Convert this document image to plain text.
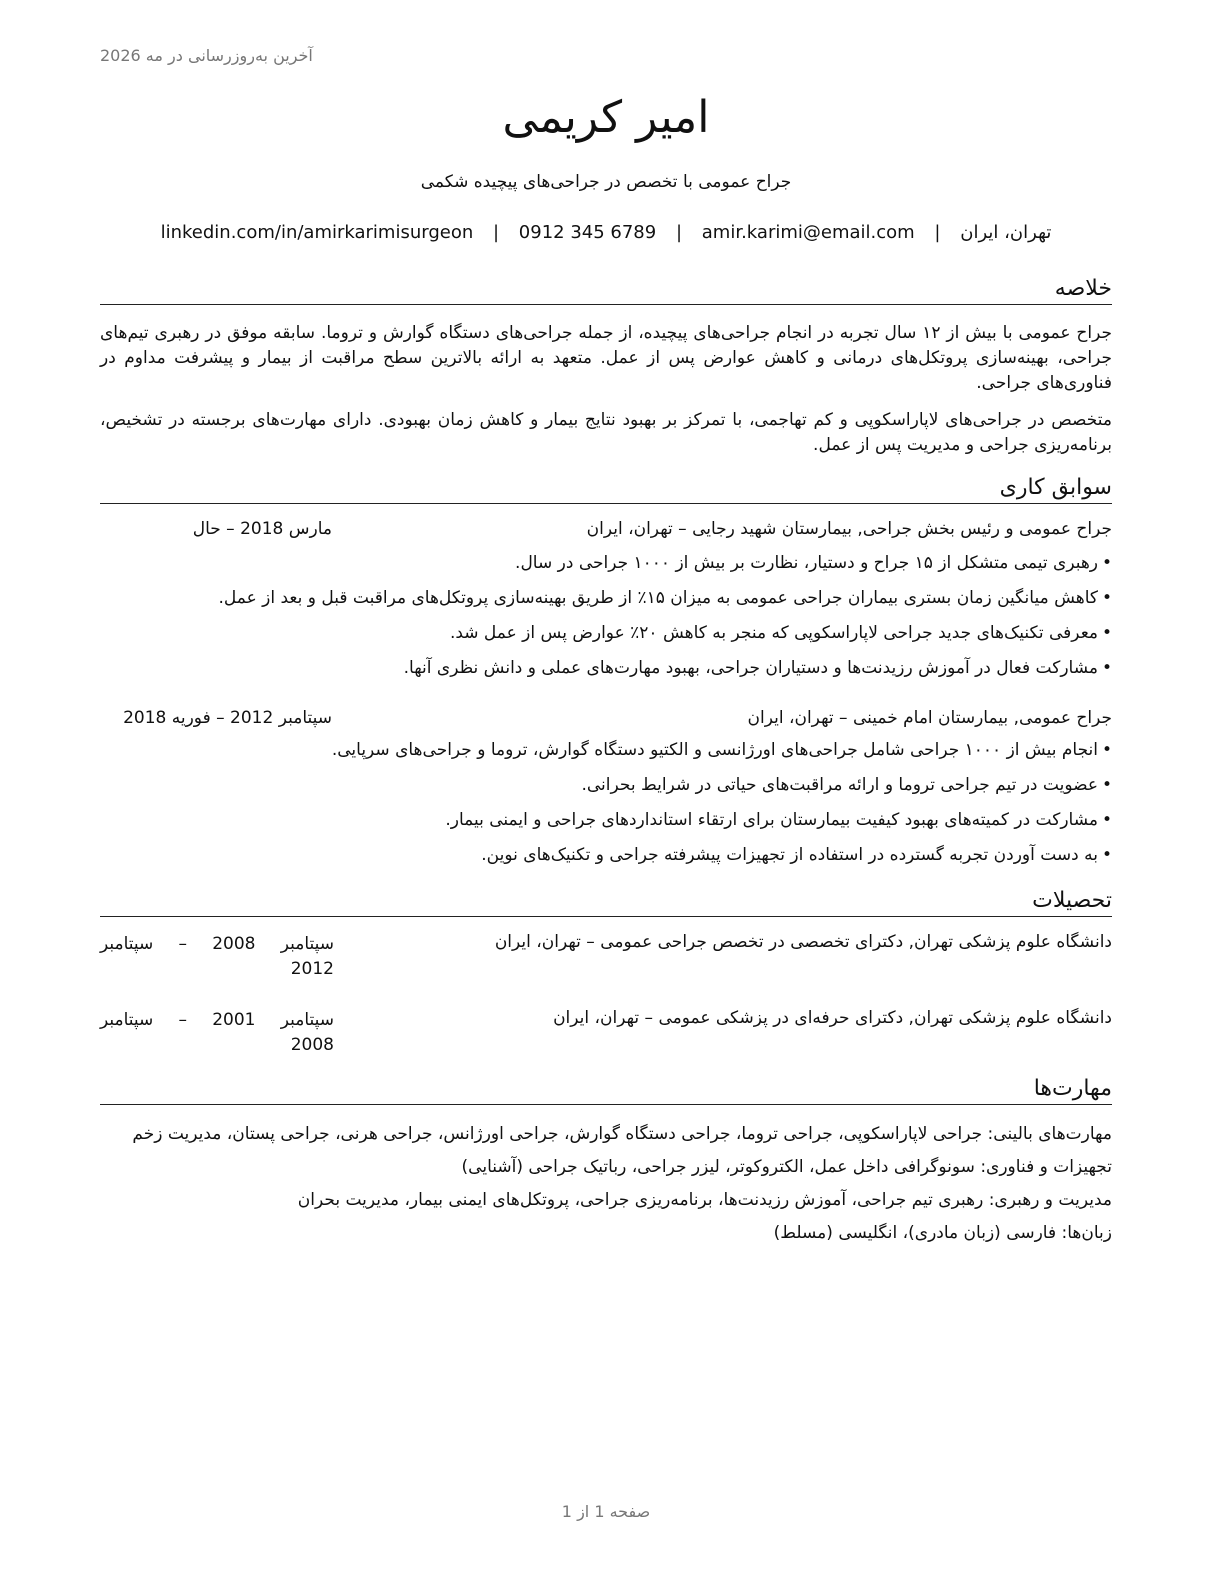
آخرین به‌روزرسانی در مه 2026
امیر کریمی
جراح عمومی با تخصص در جراحی‌های پیچیده شکمی
تهران، ایران | amir.karimi@email.com | 0912 345 6789 | linkedin.com/in/amirkarimisurgeon
خلاصه
جراح عمومی با بیش از ۱۲ سال تجربه در انجام جراحی‌های پیچیده، از جمله جراحی‌های دستگاه گوارش و تروما. سابقه موفق در رهبری تیم‌های جراحی، بهینه‌سازی پروتکل‌های درمانی و کاهش عوارض پس از عمل. متعهد به ارائه بالاترین سطح مراقبت از بیمار و پیشرفت مداوم در فناوری‌های جراحی.
متخصص در جراحی‌های لاپاراسکوپی و کم تهاجمی، با تمرکز بر بهبود نتایج بیمار و کاهش زمان بهبودی. دارای مهارت‌های برجسته در تشخیص، برنامه‌ریزی جراحی و مدیریت پس از عمل.
سوابق کاری
جراح عمومی و رئیس بخش جراحی, بیمارستان شهید رجایی – تهران، ایران
مارس 2018 – حال
•رهبری تیمی متشکل از ۱۵ جراح و دستیار، نظارت بر بیش از ۱۰۰۰ جراحی در سال.
•کاهش میانگین زمان بستری بیماران جراحی عمومی به میزان ۱۵٪ از طریق بهینه‌سازی پروتکل‌های مراقبت قبل و بعد از عمل.
•معرفی تکنیک‌های جدید جراحی لاپاراسکوپی که منجر به کاهش ۲۰٪ عوارض پس از عمل شد.
•مشارکت فعال در آموزش رزیدنت‌ها و دستیاران جراحی، بهبود مهارت‌های عملی و دانش نظری آنها.
جراح عمومی, بیمارستان امام خمینی – تهران، ایران
سپتامبر 2012 – فوریه 2018
•انجام بیش از ۱۰۰۰ جراحی شامل جراحی‌های اورژانسی و الکتیو دستگاه گوارش، تروما و جراحی‌های سرپایی.
•عضویت در تیم جراحی تروما و ارائه مراقبت‌های حیاتی در شرایط بحرانی.
•مشارکت در کمیته‌های بهبود کیفیت بیمارستان برای ارتقاء استانداردهای جراحی و ایمنی بیمار.
•به دست آوردن تجربه گسترده در استفاده از تجهیزات پیشرفته جراحی و تکنیک‌های نوین.
تحصیلات
دانشگاه علوم پزشکی تهران, دکترای تخصصی در تخصص جراحی عمومی – تهران، ایران
سپتامبر 2008 – سپتامبر
2012
دانشگاه علوم پزشکی تهران, دکترای حرفه‌ای در پزشکی عمومی – تهران، ایران
سپتامبر 2001 – سپتامبر
2008
مهارت‌ها
مهارت‌های بالینی: جراحی لاپاراسکوپی، جراحی تروما، جراحی دستگاه گوارش، جراحی اورژانس، جراحی هرنی، جراحی پستان، مدیریت زخم
تجهیزات و فناوری: سونوگرافی داخل عمل، الکتروکوتر، لیزر جراحی، رباتیک جراحی (آشنایی)
مدیریت و رهبری: رهبری تیم جراحی، آموزش رزیدنت‌ها، برنامه‌ریزی جراحی، پروتکل‌های ایمنی بیمار، مدیریت بحران
زبان‌ها: فارسی (زبان مادری)، انگلیسی (مسلط)
صفحه 1 از 1
